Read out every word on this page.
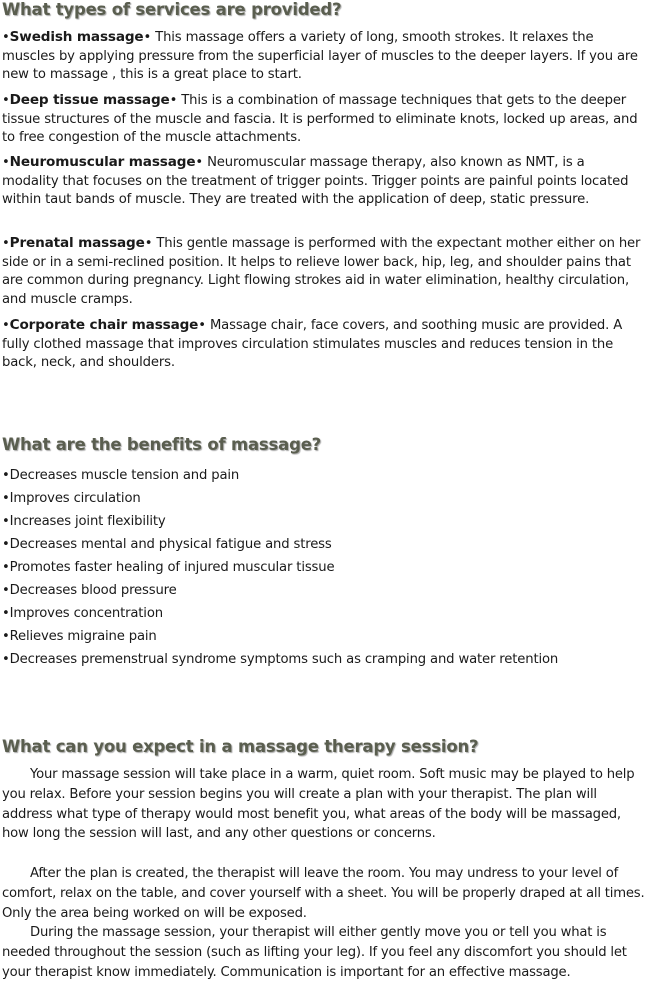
What types of services are provided?

•Swedish massage• This massage offers a variety of long, smooth strokes. It relaxes the muscles by applying pressure from the superficial layer of muscles to the deeper layers. If you are new to massage , this is a great place to start.

•Deep tissue massage• This is a combination of massage techniques that gets to the deeper tissue structures of the muscle and fascia. It is performed to eliminate knots, locked up areas, and to free congestion of the muscle attachments.

•Neuromuscular massage• Neuromuscular massage therapy, also known as NMT, is a modality that focuses on the treatment of trigger points. Trigger points are painful points located within taut bands of muscle. They are treated with the application of deep, static pressure.

•Prenatal massage• This gentle massage is performed with the expectant mother either on her side or in a semi-reclined position. It helps to relieve lower back, hip, leg, and shoulder pains that are common during pregnancy. Light flowing strokes aid in water elimination, healthy circulation, and muscle cramps.

•Corporate chair massage• Massage chair, face covers, and soothing music are provided. A fully clothed massage that improves circulation stimulates muscles and reduces tension in the back, neck, and shoulders.

What are the benefits of massage?
•Decreases muscle tension and pain
•Improves circulation
•Increases joint flexibility
•Decreases mental and physical fatigue and stress
•Promotes faster healing of injured muscular tissue
•Decreases blood pressure
•Improves concentration
•Relieves migraine pain
•Decreases premenstrual syndrome symptoms such as cramping and water retention
What can you expect in a massage therapy session?

Your massage session will take place in a warm, quiet room. Soft music may be played to help you relax. Before your session begins you will create a plan with your therapist. The plan will address what type of therapy would most benefit you, what areas of the body will be massaged, how long the session will last, and any other questions or concerns.

After the plan is created, the therapist will leave the room. You may undress to your level of comfort, relax on the table, and cover yourself with a sheet. You will be properly draped at all times. Only the area being worked on will be exposed.

During the massage session, your therapist will either gently move you or tell you what is needed throughout the session (such as lifting your leg). If you feel any discomfort you should let your therapist know immediately. Communication is important for an effective massage.
